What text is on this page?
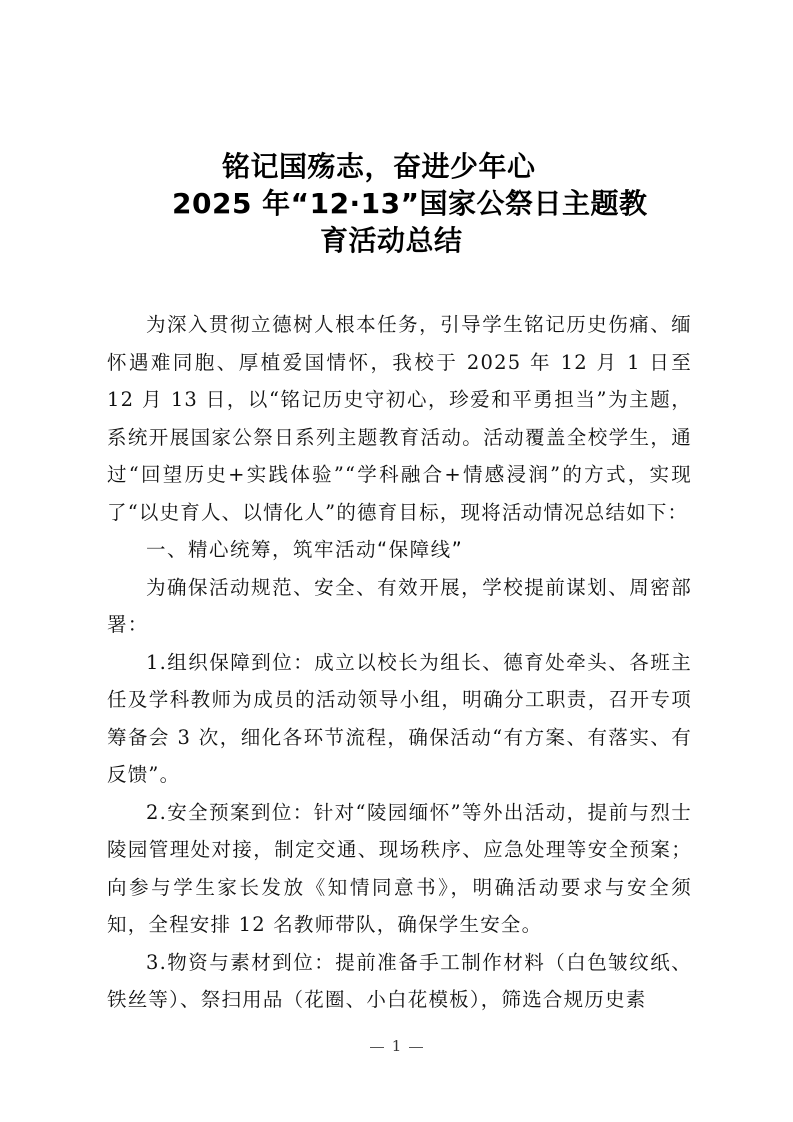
铭记国殇志，奋进少年心
2025 年“12·13”国家公祭日主题教
育活动总结

为深入贯彻立德树人根本任务，引导学生铭记历史伤痛、缅怀遇难同胞、厚植爱国情怀，我校于 2025 年 12 月 1 日至 12 月 13 日，以“铭记历史守初心，珍爱和平勇担当”为主题，系统开展国家公祭日系列主题教育活动。活动覆盖全校学生，通过“回望历史+实践体验”“学科融合+情感浸润”的方式，实现了“以史育人、以情化人”的德育目标，现将活动情况总结如下：

一、精心统筹，筑牢活动“保障线”

为确保活动规范、安全、有效开展，学校提前谋划、周密部署：

1.组织保障到位：成立以校长为组长、德育处牵头、各班主任及学科教师为成员的活动领导小组，明确分工职责，召开专项筹备会 3 次，细化各环节流程，确保活动“有方案、有落实、有反馈”。

2.安全预案到位：针对“陵园缅怀”等外出活动，提前与烈士陵园管理处对接，制定交通、现场秩序、应急处理等安全预案；向参与学生家长发放《知情同意书》，明确活动要求与安全须知，全程安排 12 名教师带队，确保学生安全。

3.物资与素材到位：提前准备手工制作材料（白色皱纹纸、铁丝等）、祭扫用品（花圈、小白花模板），筛选合规历史素

1
